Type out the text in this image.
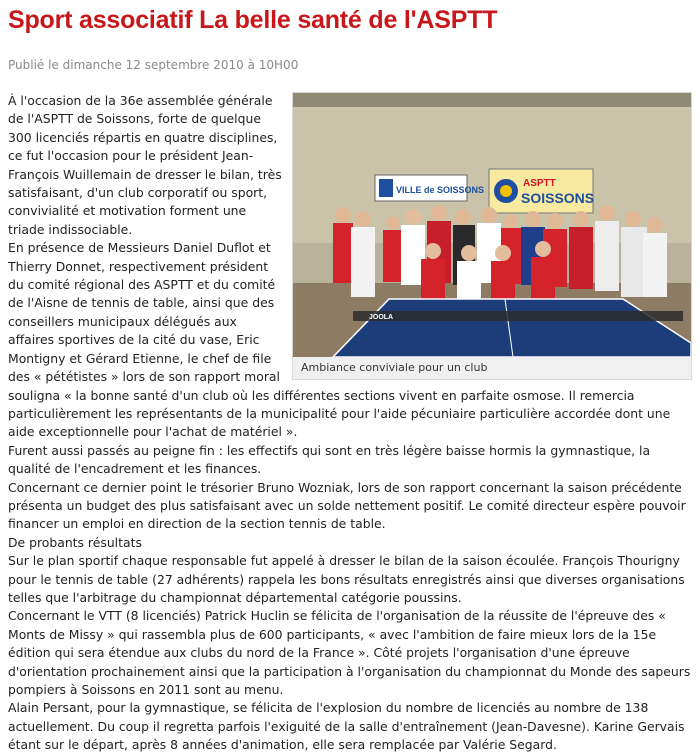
Sport associatif La belle santé de l'ASPTT
Publié le dimanche 12 septembre 2010 à 10H00
VILLE de SOISSONS
ASPTT
SOISSONS
JOOLA
Ambiance conviviale pour un club

À l'occasion de la 36e assemblée générale de l'ASPTT de Soissons, forte de quelque 300 licenciés répartis en quatre disciplines, ce fut l'occasion pour le président Jean-François Wuillemain de dresser le bilan, très satisfaisant, d'un club corporatif ou sport, convivialité et motivation forment une triade indissociable.

En présence de Messieurs Daniel Duflot et Thierry Donnet, respectivement président du comité régional des ASPTT et du comité de l'Aisne de tennis de table, ainsi que des conseillers municipaux délégués aux affaires sportives de la cité du vase, Eric Montigny et Gérard Etienne, le chef de file des « pététistes » lors de son rapport moral souligna « la bonne santé d'un club où les différentes sections vivent en parfaite osmose. Il remercia particulièrement les représentants de la municipalité pour l'aide pécuniaire particulière accordée dont une aide exceptionnelle pour l'achat de matériel ».

Furent aussi passés au peigne fin : les effectifs qui sont en très légère baisse hormis la gymnastique, la qualité de l'encadrement et les finances.

Concernant ce dernier point le trésorier Bruno Wozniak, lors de son rapport concernant la saison précédente présenta un budget des plus satisfaisant avec un solde nettement positif. Le comité directeur espère pouvoir financer un emploi en direction de la section tennis de table.

De probants résultats

Sur le plan sportif chaque responsable fut appelé à dresser le bilan de la saison écoulée. François Thourigny pour le tennis de table (27 adhérents) rappela les bons résultats enregistrés ainsi que diverses organisations telles que l'arbitrage du championnat départemental catégorie poussins.

Concernant le VTT (8 licenciés) Patrick Huclin se félicita de l'organisation de la réussite de l'épreuve des « Monts de Missy » qui rassembla plus de 600 participants, « avec l'ambition de faire mieux lors de la 15e édition qui sera étendue aux clubs du nord de la France ». Côté projets l'organisation d'une épreuve d'orientation prochainement ainsi que la participation à l'organisation du championnat du Monde des sapeurs pompiers à Soissons en 2011 sont au menu.

Alain Persant, pour la gymnastique, se félicita de l'explosion du nombre de licenciés au nombre de 138 actuellement. Du coup il regretta parfois l'exiguité de la salle d'entraînement (Jean-Davesne). Karine Gervais étant sur le départ, après 8 années d'animation, elle sera remplacée par Valérie Segard.
